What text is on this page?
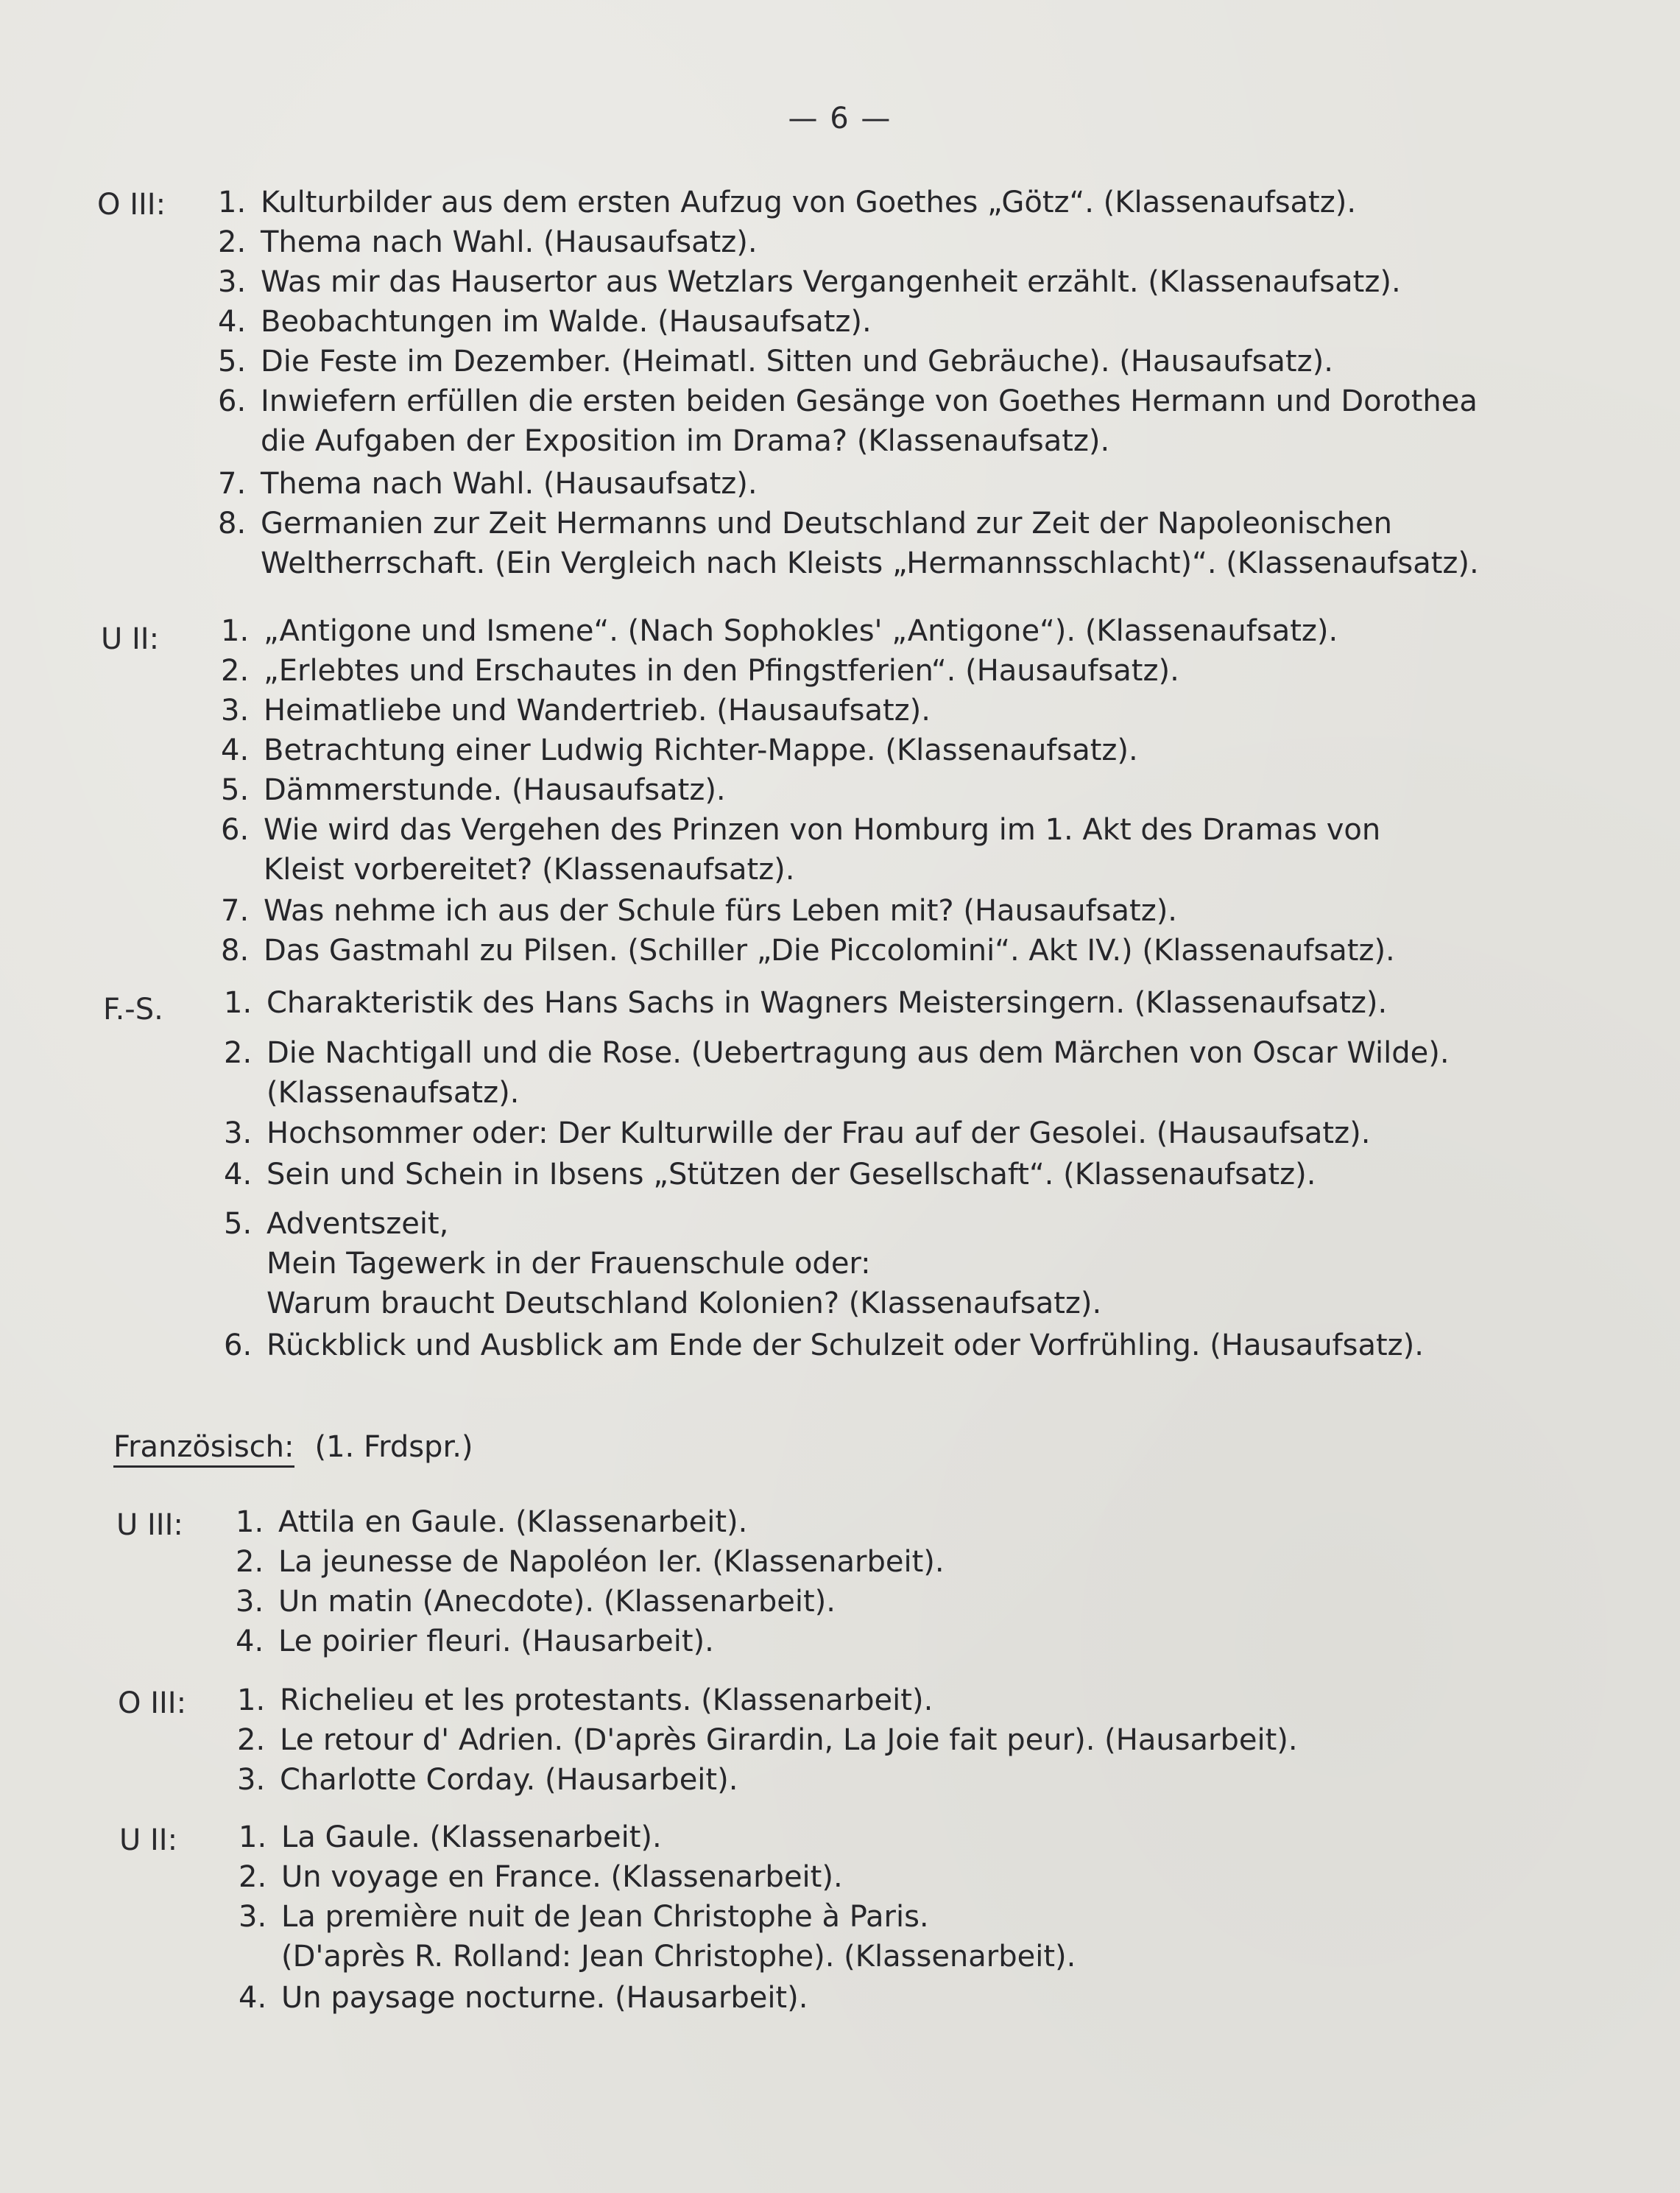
— 6 —
O III: 1. Kulturbilder aus dem ersten Aufzug von Goethes „Götz“. (Klassenaufsatz).
2. Thema nach Wahl. (Hausaufsatz).
3. Was mir das Hausertor aus Wetzlars Vergangenheit erzählt. (Klassenaufsatz).
4. Beobachtungen im Walde. (Hausaufsatz).
5. Die Feste im Dezember. (Heimatl. Sitten und Gebräuche). (Hausaufsatz).
6. Inwiefern erfüllen die ersten beiden Gesänge von Goethes Hermann und Dorothea
die Aufgaben der Exposition im Drama? (Klassenaufsatz).
7. Thema nach Wahl. (Hausaufsatz).
8. Germanien zur Zeit Hermanns und Deutschland zur Zeit der Napoleonischen
Weltherrschaft. (Ein Vergleich nach Kleists „Hermannsschlacht)“. (Klassenaufsatz).
U II: 1. „Antigone und Ismene“. (Nach Sophokles' „Antigone“). (Klassenaufsatz).
2. „Erlebtes und Erschautes in den Pfingstferien“. (Hausaufsatz).
3. Heimatliebe und Wandertrieb. (Hausaufsatz).
4. Betrachtung einer Ludwig Richter-Mappe. (Klassenaufsatz).
5. Dämmerstunde. (Hausaufsatz).
6. Wie wird das Vergehen des Prinzen von Homburg im 1. Akt des Dramas von
Kleist vorbereitet? (Klassenaufsatz).
7. Was nehme ich aus der Schule fürs Leben mit? (Hausaufsatz).
8. Das Gastmahl zu Pilsen. (Schiller „Die Piccolomini“. Akt IV.) (Klassenaufsatz).
F.-S. 1. Charakteristik des Hans Sachs in Wagners Meistersingern. (Klassenaufsatz).
2. Die Nachtigall und die Rose. (Uebertragung aus dem Märchen von Oscar Wilde).
(Klassenaufsatz).
3. Hochsommer oder: Der Kulturwille der Frau auf der Gesolei. (Hausaufsatz).
4. Sein und Schein in Ibsens „Stützen der Gesellschaft“. (Klassenaufsatz).
5. Adventszeit,
Mein Tagewerk in der Frauenschule oder:
Warum braucht Deutschland Kolonien? (Klassenaufsatz).
6. Rückblick und Ausblick am Ende der Schulzeit oder Vorfrühling. (Hausaufsatz).
Französisch: (1. Frdspr.)
U III: 1. Attila en Gaule. (Klassenarbeit).
2. La jeunesse de Napoléon Ier. (Klassenarbeit).
3. Un matin (Anecdote). (Klassenarbeit).
4. Le poirier fleuri. (Hausarbeit).
O III: 1. Richelieu et les protestants. (Klassenarbeit).
2. Le retour d' Adrien. (D'après Girardin, La Joie fait peur). (Hausarbeit).
3. Charlotte Corday. (Hausarbeit).
U II: 1. La Gaule. (Klassenarbeit).
2. Un voyage en France. (Klassenarbeit).
3. La première nuit de Jean Christophe à Paris.
(D'après R. Rolland: Jean Christophe). (Klassenarbeit).
4. Un paysage nocturne. (Hausarbeit).
